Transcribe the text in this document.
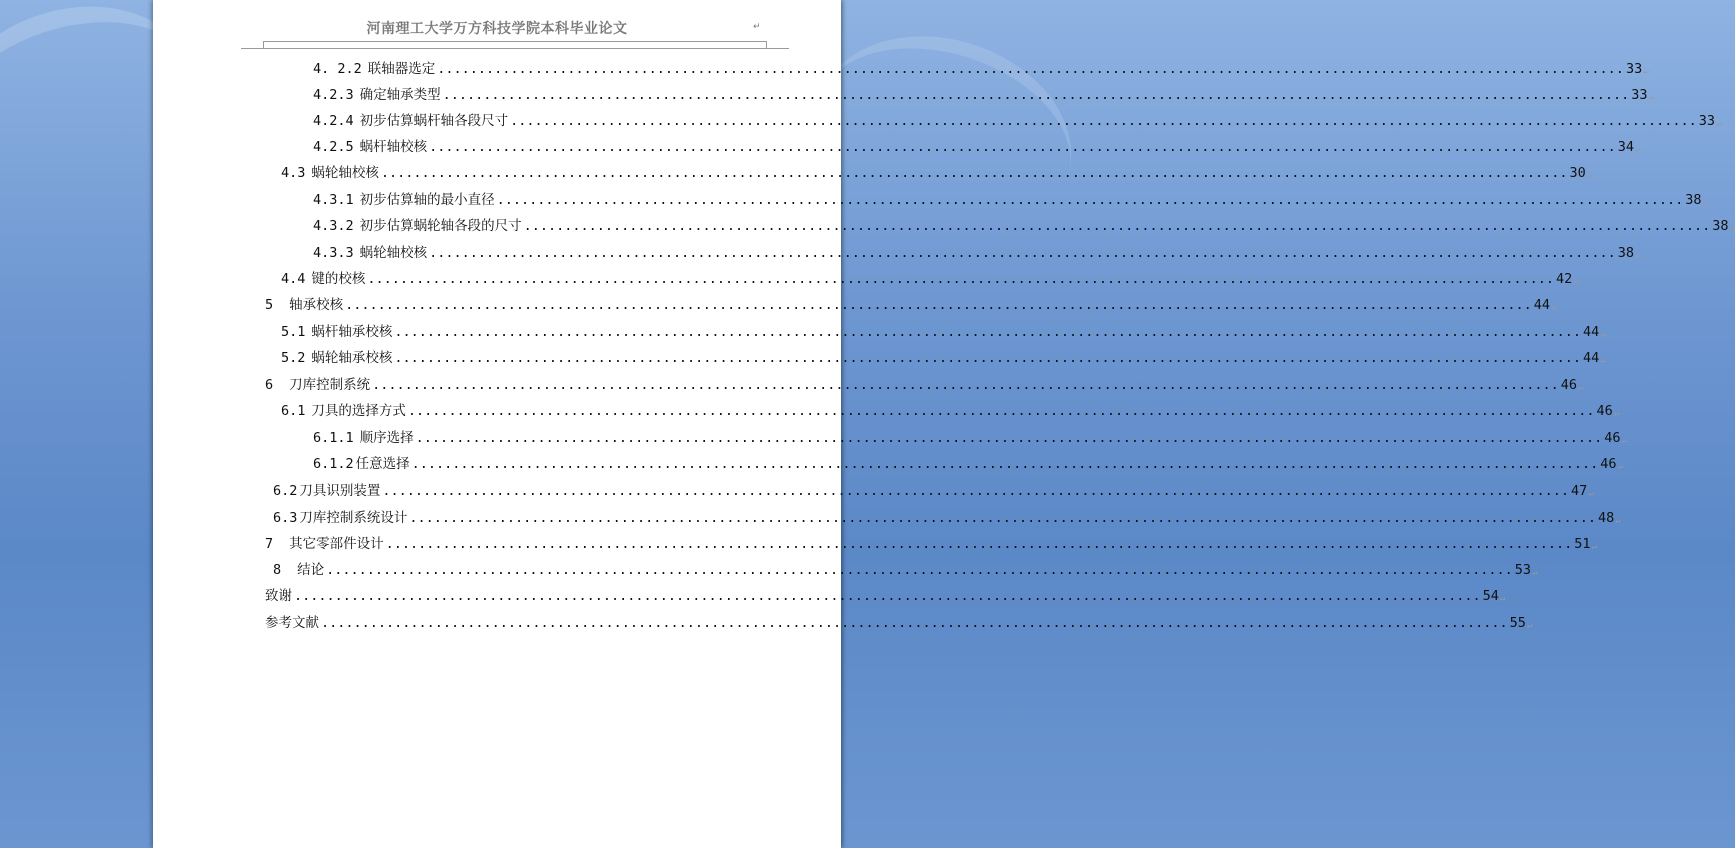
河南理工大学万方科技学院本科毕业论文	↵
4. 2.2 联轴器选定 .................................................................................................................................................. 33 ↵
4.2.3 确定轴承类型 .................................................................................................................................................. 33 ↵
4.2.4 初步估算蜗杆轴各段尺寸 .................................................................................................................................................. 33 ↵
4.2.5 蜗杆轴校核 .................................................................................................................................................. 34 ↵
4.3 蜗轮轴校核 .................................................................................................................................................. 30 ↵
4.3.1 初步估算轴的最小直径 .................................................................................................................................................. 38 ↵
4.3.2 初步估算蜗轮轴各段的尺寸 .................................................................................................................................................. 38 ↵
4.3.3 蜗轮轴校核 .................................................................................................................................................. 38 ↵
4.4 键的校核 .................................................................................................................................................. 42 ↵
5 轴承校核 .................................................................................................................................................. 44 ↵
5.1 蜗杆轴承校核 .................................................................................................................................................. 44 ↵
5.2 蜗轮轴承校核 .................................................................................................................................................. 44 ↵
6 刀库控制系统 .................................................................................................................................................. 46 ↵
6.1 刀具的选择方式 .................................................................................................................................................. 46 ↵
6.1.1 顺序选择 .................................................................................................................................................. 46 ↵
6.1.2 任意选择 .................................................................................................................................................. 46 ↵
6.2 刀具识别装置 .................................................................................................................................................. 47 ↵
6.3 刀库控制系统设计 .................................................................................................................................................. 48 ↵
7 其它零部件设计 .................................................................................................................................................. 51 ↵
8 结论 .................................................................................................................................................. 53 ↵
致谢 .................................................................................................................................................. 54 ↵
参考文献 .................................................................................................................................................. 55 ↵
